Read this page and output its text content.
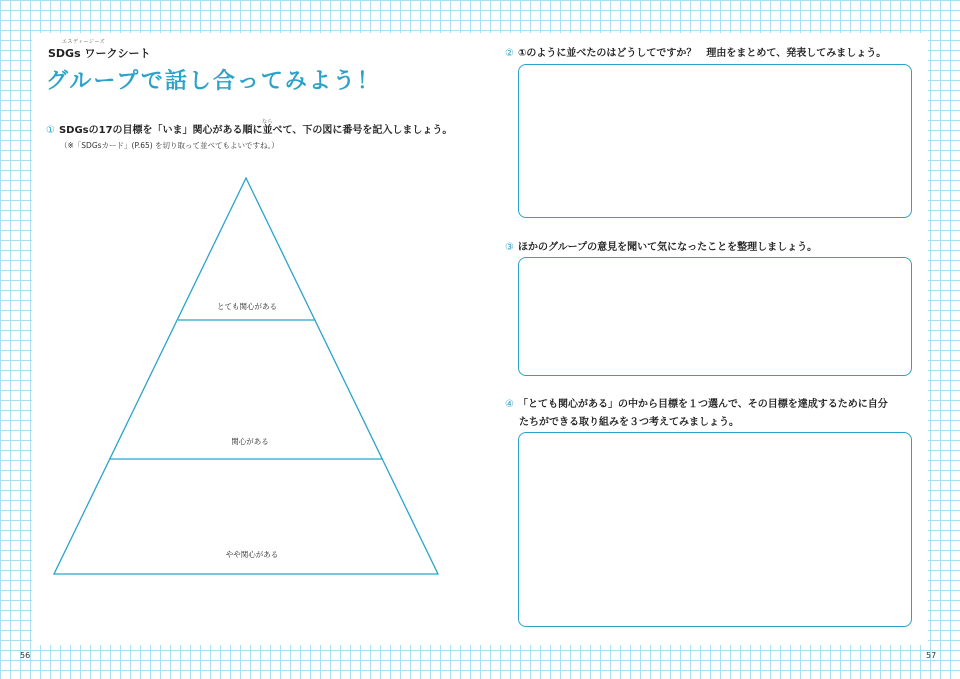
エスディージーズ
SDGs ワークシート
グループで話し合ってみよう！
なら
① SDGsの17の目標を「いま」関心がある順に並べて、下の図に番号を記入しましょう。
（※「SDGsカード」(P.65) を切り取って並べてもよいですね。）
とても関心がある
関心がある
やや関心がある
② ①のように並べたのはどうしてですか？　理由をまとめて、発表してみましょう。
③ ほかのグループの意見を聞いて気になったことを整理しましょう。
④ 「とても関心がある」の中から目標を１つ選んで、その目標を達成するために自分
たちができる取り組みを３つ考えてみましょう。
56	57
